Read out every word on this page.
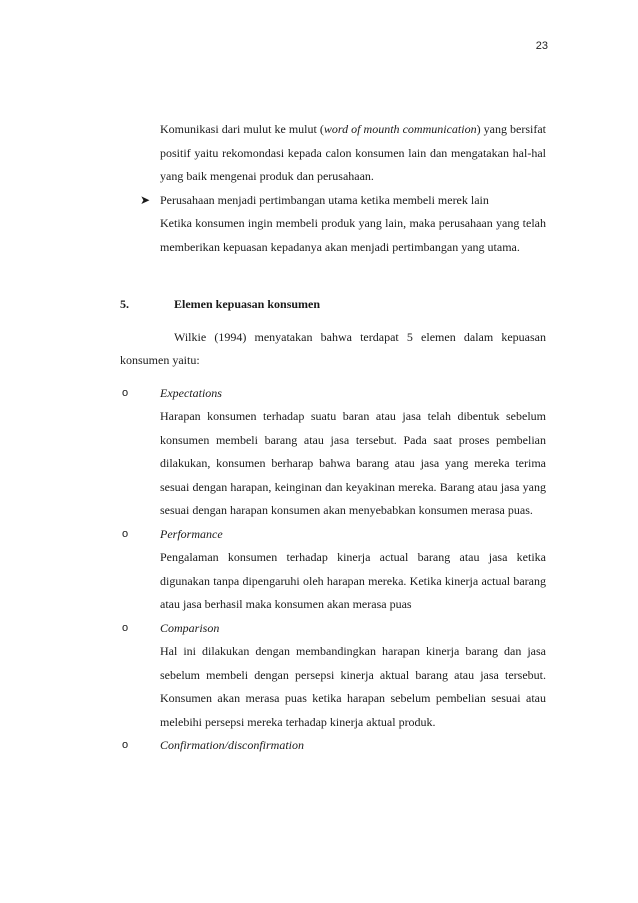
23

Komunikasi dari mulut ke mulut (word of mounth communication) yang bersifat positif yaitu rekomondasi kepada calon konsumen lain dan mengatakan hal-hal yang baik mengenai produk dan perusahaan.

➤ Perusahaan menjadi pertimbangan utama ketika membeli merek lain

Ketika konsumen ingin membeli produk yang lain, maka perusahaan yang telah memberikan kepuasan kepadanya akan menjadi pertimbangan yang utama.

5.	Elemen kepuasan konsumen

Wilkie (1994) menyatakan bahwa terdapat 5 elemen dalam kepuasan konsumen yaitu:

o	Expectations

Harapan konsumen terhadap suatu baran atau jasa telah dibentuk sebelum konsumen membeli barang atau jasa tersebut. Pada saat proses pembelian dilakukan, konsumen berharap bahwa barang atau jasa yang mereka terima sesuai dengan harapan, keinginan dan keyakinan mereka. Barang atau jasa yang sesuai dengan harapan konsumen akan menyebabkan konsumen merasa puas.

o	Performance

Pengalaman konsumen terhadap kinerja actual barang atau jasa ketika digunakan tanpa dipengaruhi oleh harapan mereka. Ketika kinerja actual barang atau jasa berhasil maka konsumen akan merasa puas

o	Comparison

Hal ini dilakukan dengan membandingkan harapan kinerja barang dan jasa sebelum membeli dengan persepsi kinerja aktual barang atau jasa tersebut. Konsumen akan merasa puas ketika harapan sebelum pembelian sesuai atau melebihi persepsi mereka terhadap kinerja aktual produk.

o	Confirmation/disconfirmation
